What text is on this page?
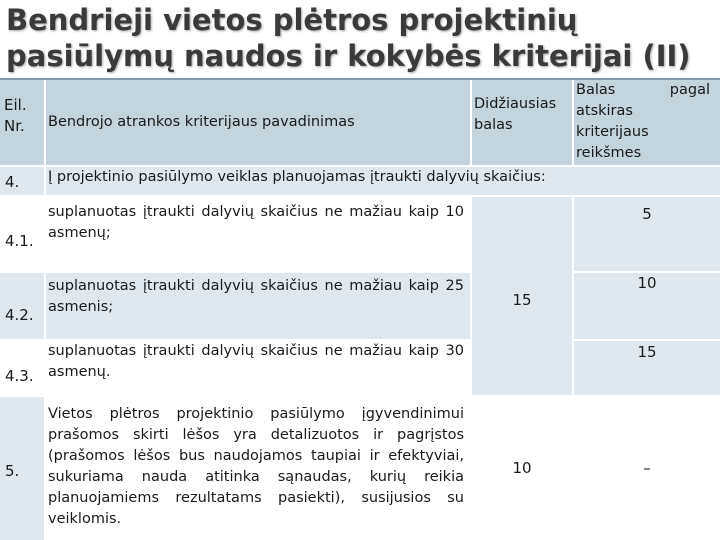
Bendrieji vietos plėtros projektinių pasiūlymų naudos ir kokybės kriterijai (II)
Eil.
Nr. Bendrojo atrankos kriterijaus pavadinimas
Didžiausias
balas
Balas	pagal
atskiras
kriterijaus
reikšmes
4. Į projektinio pasiūlymo veiklas planuojamas įtraukti dalyvių skaičius:
4.1.
suplanuotas įtraukti dalyvių skaičius ne mažiau kaip 10 asmenų;
5
4.2.
suplanuotas įtraukti dalyvių skaičius ne mažiau kaip 25 asmenis;
10
4.3.
suplanuotas įtraukti dalyvių skaičius ne mažiau kaip 30 asmenų.
15
15
5.
Vietos plėtros projektinio pasiūlymo įgyvendinimui prašomos skirti lėšos yra detalizuotos ir pagrįstos (prašomos lėšos bus naudojamos taupiai ir efektyviai, sukuriama nauda atitinka sąnaudas, kurių reikia planuojamiems rezultatams pasiekti), susijusios su veiklomis.
10	–
